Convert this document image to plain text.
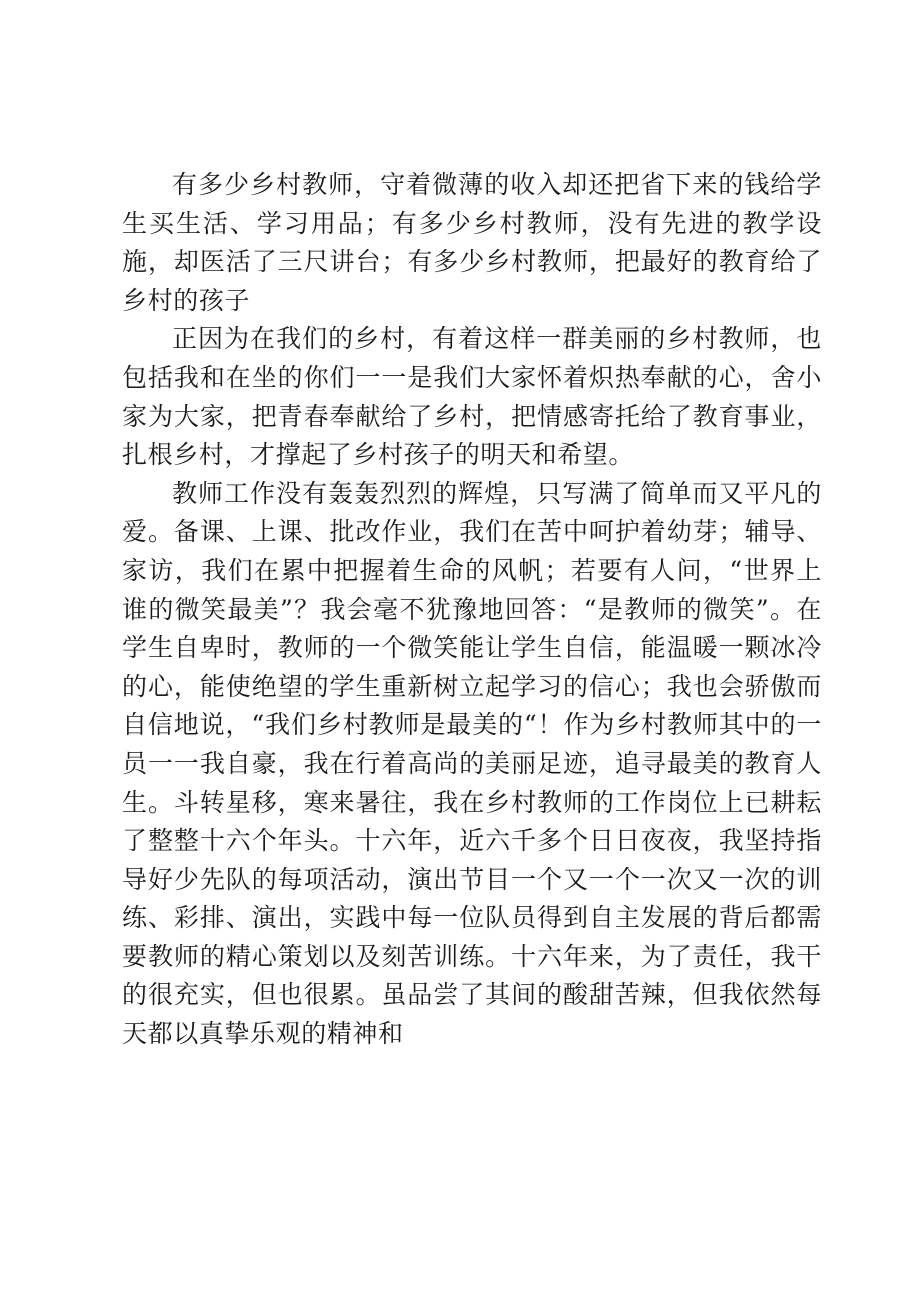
有多少乡村教师，守着微薄的收入却还把省下来的钱给学生买生活、学习用品；有多少乡村教师，没有先进的教学设施，却医活了三尺讲台；有多少乡村教师，把最好的教育给了乡村的孩子

正因为在我们的乡村，有着这样一群美丽的乡村教师，也包括我和在坐的你们一一是我们大家怀着炽热奉献的心，舍小家为大家，把青春奉献给了乡村，把情感寄托给了教育事业，扎根乡村，才撑起了乡村孩子的明天和希望。

教师工作没有轰轰烈烈的辉煌，只写满了简单而又平凡的爱。备课、上课、批改作业，我们在苦中呵护着幼芽；辅导、家访，我们在累中把握着生命的风帆；若要有人问，“世界上谁的微笑最美”？我会毫不犹豫地回答：“是教师的微笑”。在学生自卑时，教师的一个微笑能让学生自信，能温暖一颗冰冷的心，能使绝望的学生重新树立起学习的信心；我也会骄傲而自信地说，“我们乡村教师是最美的“！作为乡村教师其中的一员一一我自豪，我在行着高尚的美丽足迹，追寻最美的教育人生。斗转星移，寒来暑往，我在乡村教师的工作岗位上已耕耘了整整十六个年头。十六年，近六千多个日日夜夜，我坚持指导好少先队的每项活动，演出节目一个又一个一次又一次的训练、彩排、演出，实践中每一位队员得到自主发展的背后都需要教师的精心策划以及刻苦训练。十六年来，为了责任，我干的很充实，但也很累。虽品尝了其间的酸甜苦辣，但我依然每天都以真挚乐观的精神和
